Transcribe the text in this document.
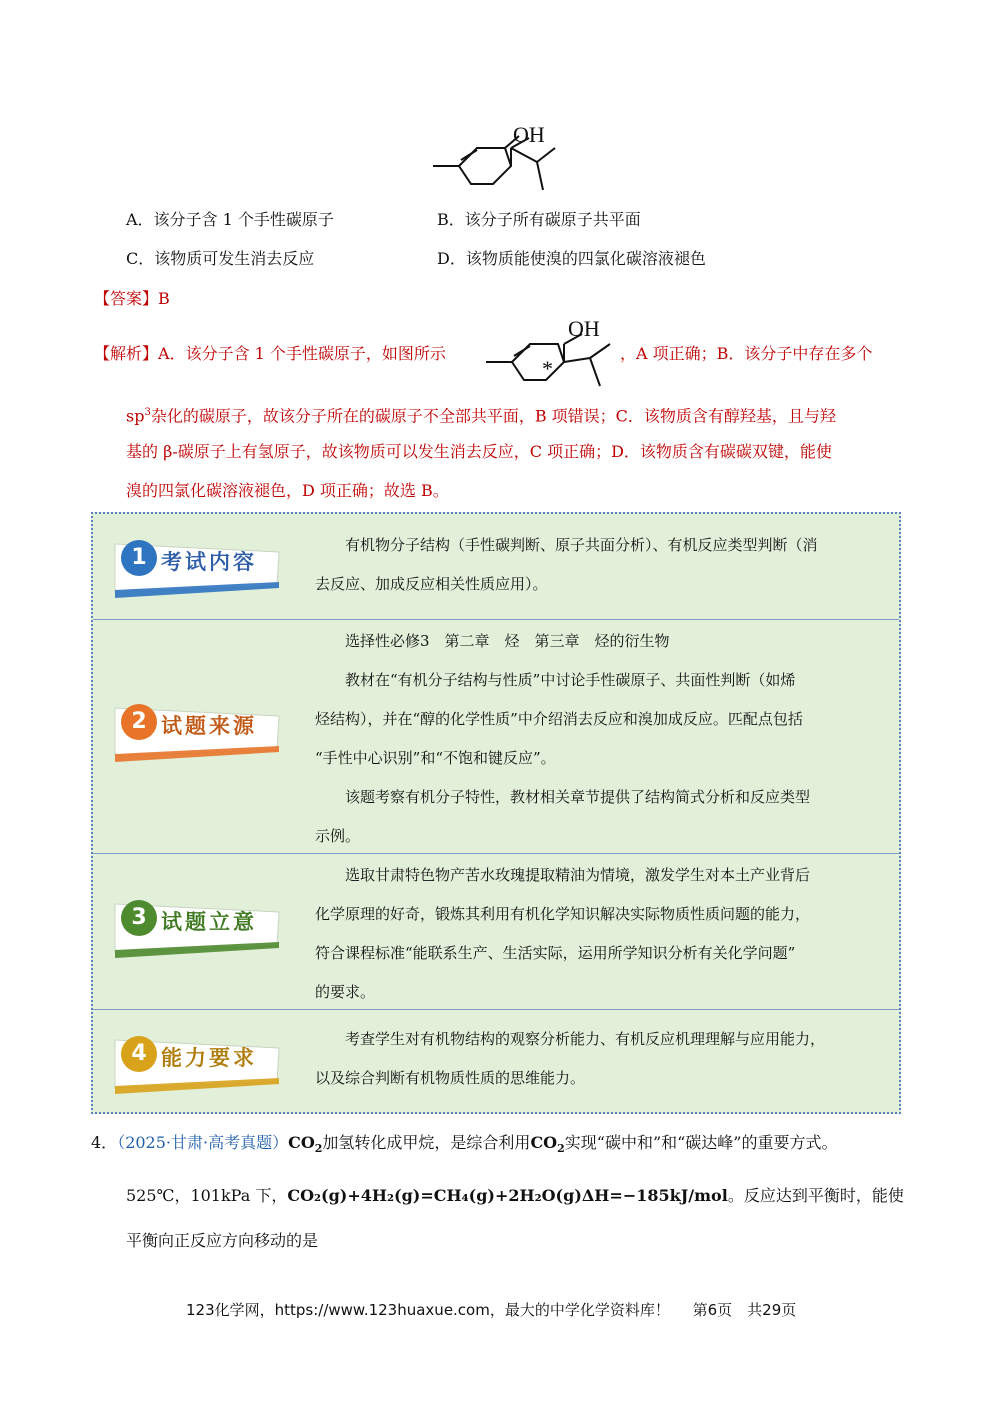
OH
A．该分子含 1 个手性碳原子	B．该分子所有碳原子共平面
C．该物质可发生消去反应	D．该物质能使溴的四氯化碳溶液褪色
【答案】B
【解析】A．该分子含 1 个手性碳原子，如图所示
OH
*
，A 项正确；B．该分子中存在多个
$sp^3$杂化的碳原子，故该分子所在的碳原子不全部共平面，B 项错误；C．该物质含有醇羟基，且与羟
基的 β-碳原子上有氢原子，故该物质可以发生消去反应，C 项正确；D．该物质含有碳碳双键，能使
溴的四氯化碳溶液褪色，D 项正确；故选 B。
1 考试内容

有机物分子结构（手性碳判断、原子共面分析）、有机反应类型判断（消

去反应、加成反应相关性质应用）。

2 试题来源

选择性必修3　第二章　烃　第三章　烃的衍生物

教材在“有机分子结构与性质”中讨论手性碳原子、共面性判断（如烯

烃结构），并在“醇的化学性质”中介绍消去反应和溴加成反应。匹配点包括

“手性中心识别”和“不饱和键反应”。

该题考察有机分子特性，教材相关章节提供了结构简式分析和反应类型

示例。

3 试题立意

选取甘肃特色物产苦水玫瑰提取精油为情境，激发学生对本土产业背后

化学原理的好奇，锻炼其利用有机化学知识解决实际物质性质问题的能力，

符合课程标准“能联系生产、生活实际，运用所学知识分析有关化学问题”

的要求。

4 能力要求

考查学生对有机物结构的观察分析能力、有机反应机理理解与应用能力，

以及综合判断有机物质性质的思维能力。

4．（2025·甘肃·高考真题）$CO_2$加氢转化成甲烷，是综合利用$CO_2$实现“碳中和”和“碳达峰”的重要方式。
525℃，101kPa 下，CO₂(g)+4H₂(g)=CH₄(g)+2H₂O(g)ΔH=−185kJ/mol。反应达到平衡时，能使
平衡向正反应方向移动的是
123化学网，https://www.123huaxue.com，最大的中学化学资料库！ 第6页　共29页
